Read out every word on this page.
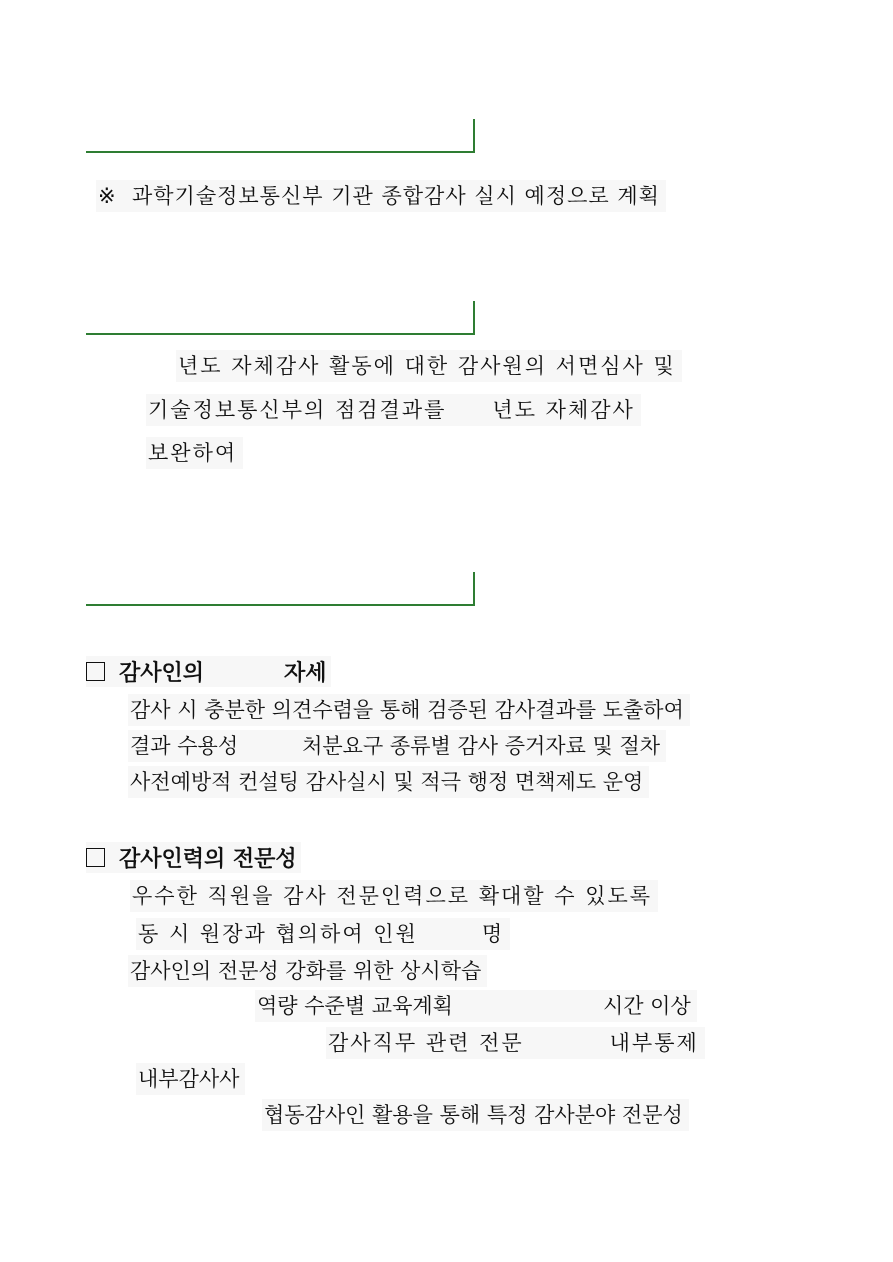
※ 과학기술정보통신부 기관 종합감사 실시 예정으로 계획
년도 자체감사 활동에 대한 감사원의 서면심사 및
기술정보통신부의 점검결과를 년도 자체감사
보완하여
감사인의	자세
감사 시 충분한 의견수렴을 통해 검증된 감사결과를 도출하여
결과 수용성	처분요구 종류별 감사 증거자료 및 절차
사전예방적 컨설팅 감사실시 및 적극 행정 면책제도 운영
감사인력의 전문성
우수한 직원을 감사 전문인력으로 확대할 수 있도록
동 시 원장과 협의하여 인원	명
감사인의 전문성 강화를 위한 상시학습
역량 수준별 교육계획	시간 이상
감사직무 관련 전문	내부통제
내부감사사
협동감사인 활용을 통해 특정 감사분야 전문성
